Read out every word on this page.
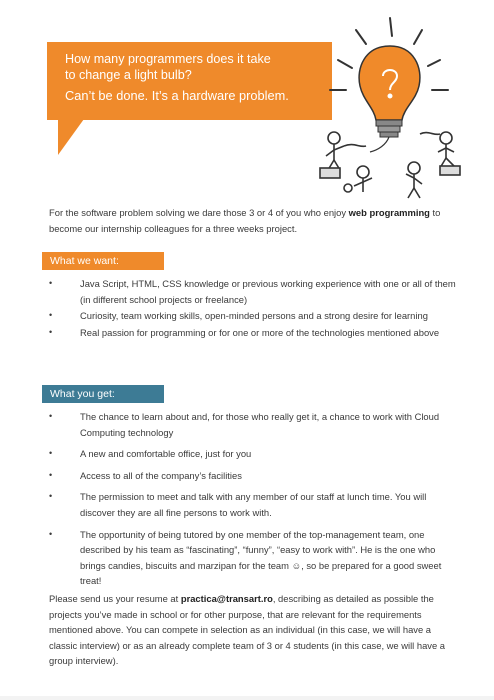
How many programmers does it take
to change a light bulb?
Can’t be done. It’s a hardware problem.

For the software problem solving we dare those 3 or 4 of you who enjoy web programming to become our internship colleagues for a three weeks project.

What we want:
•	Java Script, HTML, CSS knowledge or previous working experience with one or all of them (in different school projects or freelance)
•	Curiosity, team working skills, open-minded persons and a strong desire for learning
•	Real passion for programming or for one or more of the technologies mentioned above
What you get:
•	The chance to learn about and, for those who really get it, a chance to work with Cloud Computing technology
•	A new and comfortable office, just for you
•	Access to all of the company’s facilities
•	The permission to meet and talk with any member of our staff at lunch time. You will discover they are all fine persons to work with.
•	The opportunity of being tutored by one member of the top-management team, one described by his team as “fascinating”, “funny”, “easy to work with”. He is the one who brings candies, biscuits and marzipan for the team ☺, so be prepared for a good sweet treat!

Please send us your resume at practica@transart.ro, describing as detailed as possible the projects you’ve made in school or for other purpose, that are relevant for the requirements mentioned above. You can compete in selection as an individual (in this case, we will have a classic interview) or as an already complete team of 3 or 4 students (in this case, we will have a group interview).
